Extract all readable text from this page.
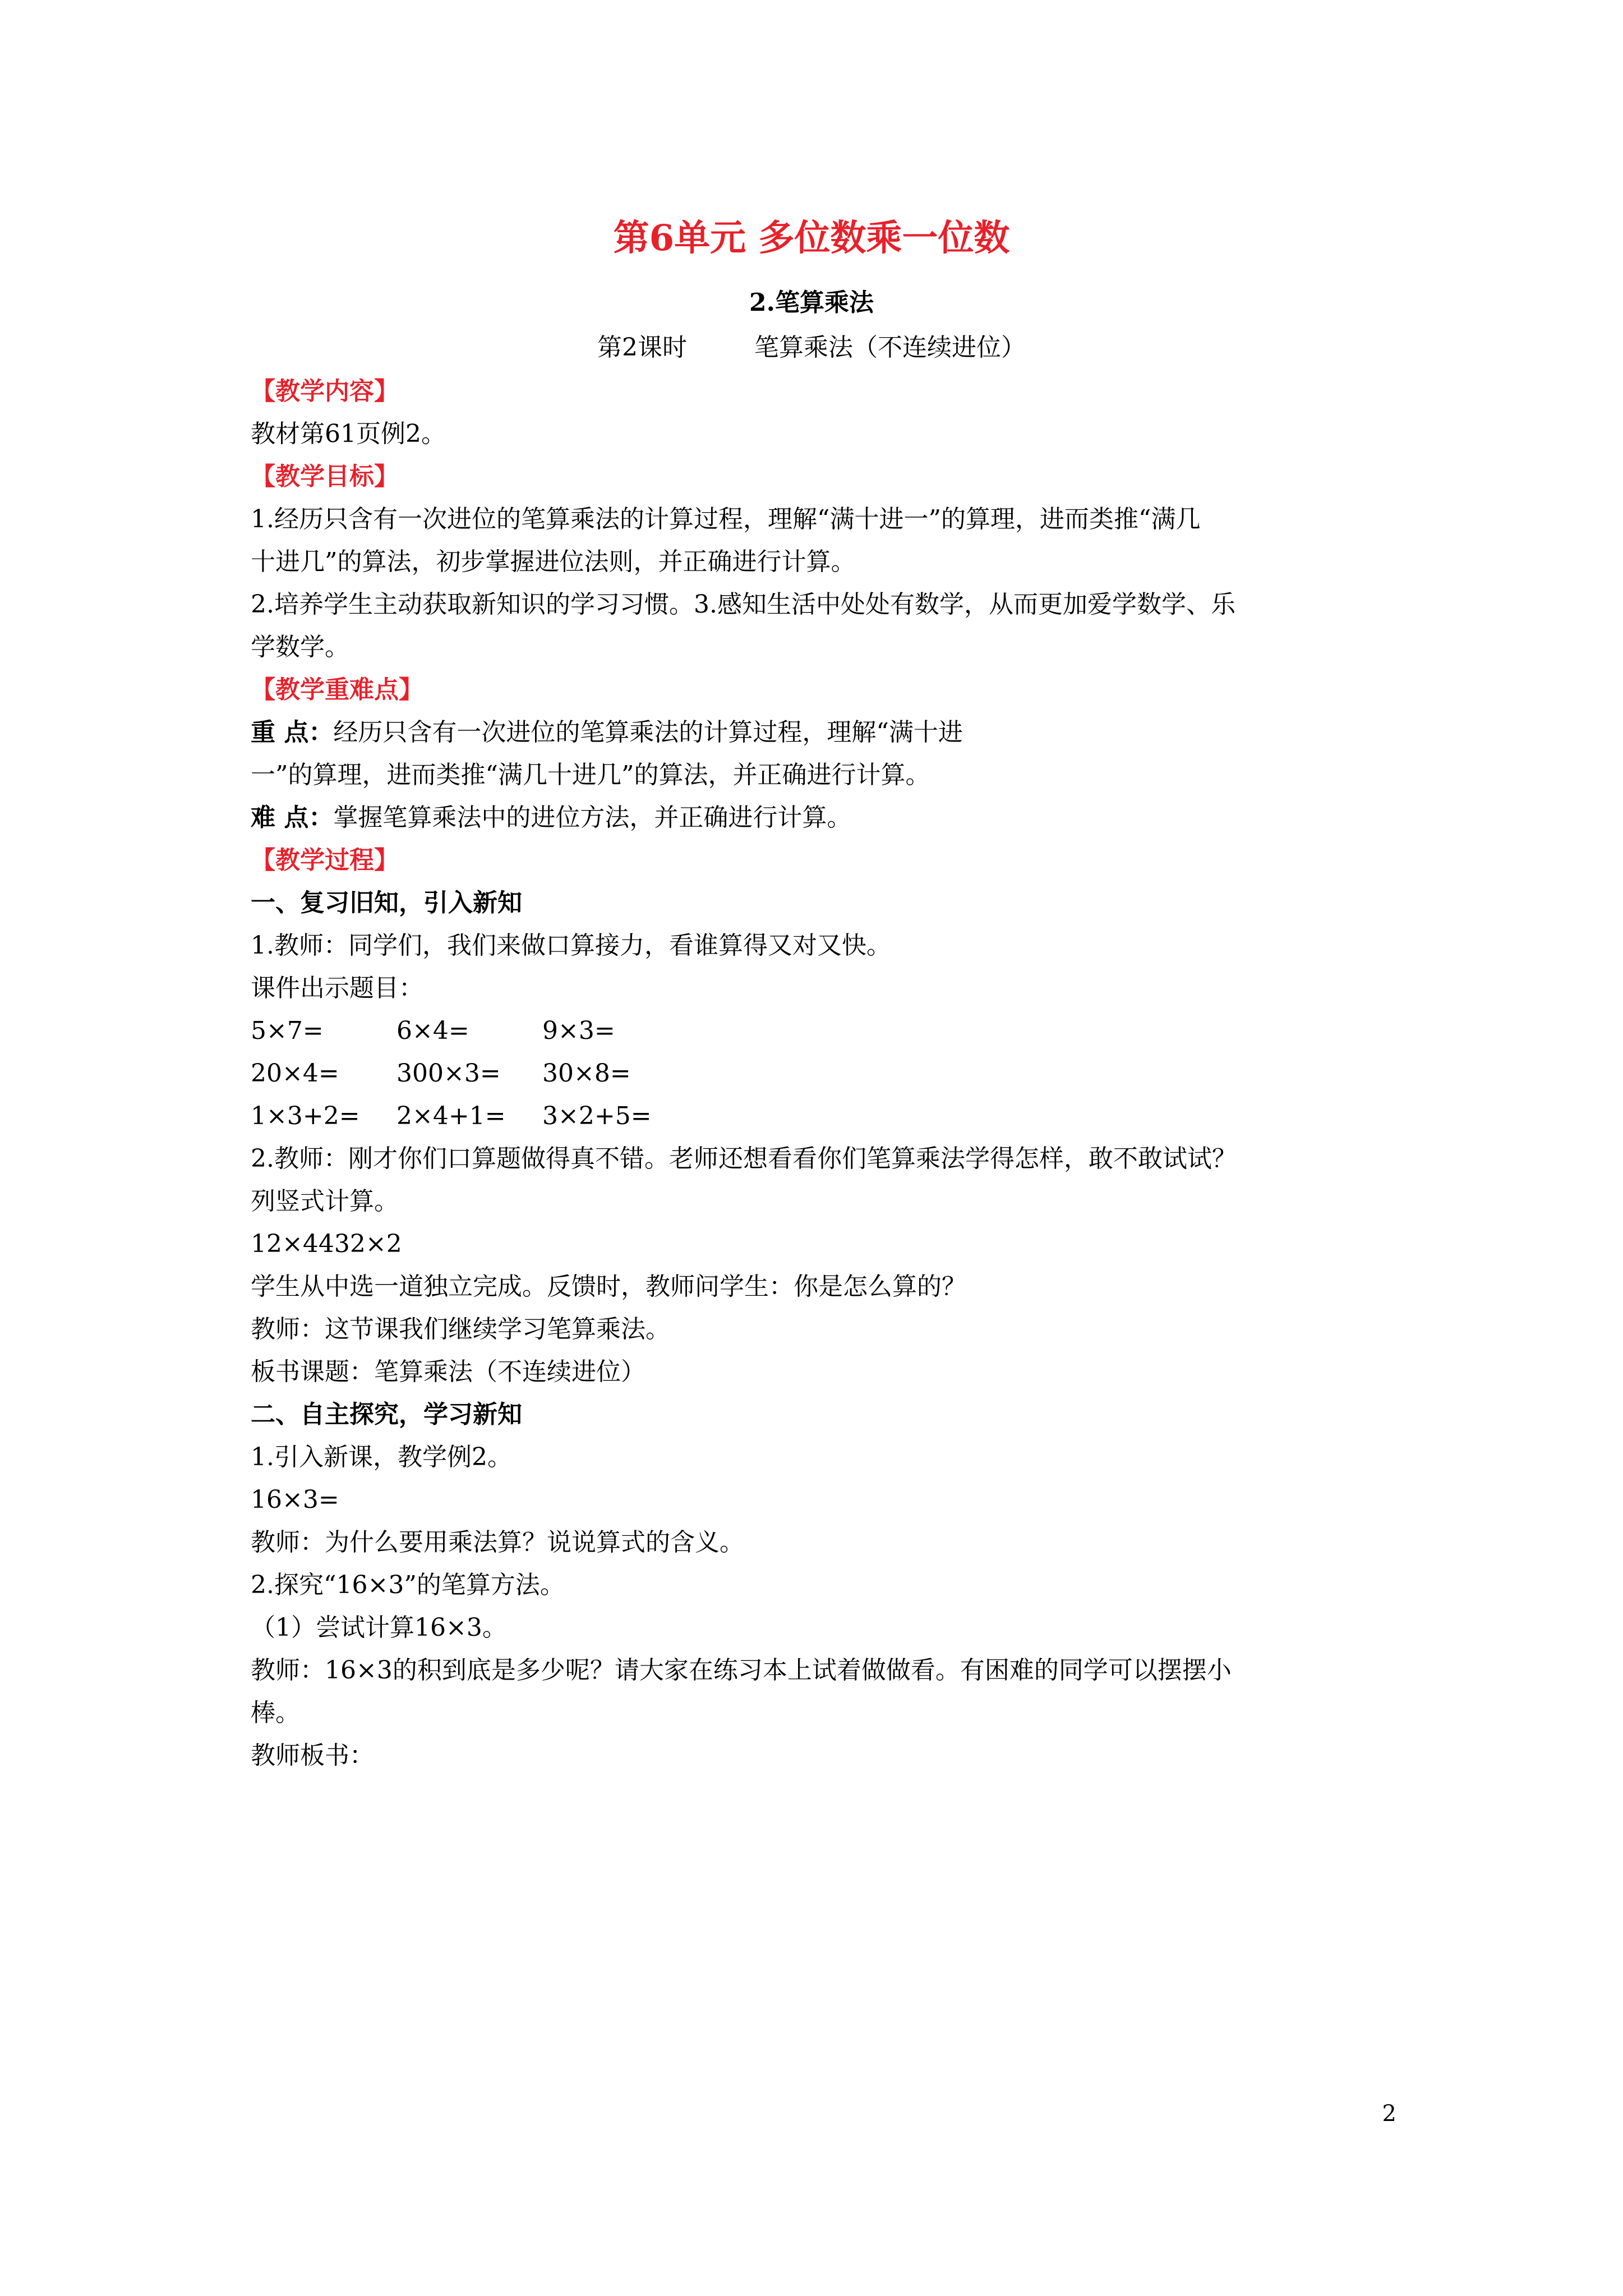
第6单元 多位数乘一位数
2.笔算乘法
第2课时	笔算乘法（不连续进位）
【教学内容】
教材第61页例2。
【教学目标】
1.经历只含有一次进位的笔算乘法的计算过程，理解“满十进一”的算理，进而类推“满几
十进几”的算法，初步掌握进位法则，并正确进行计算。
2.培养学生主动获取新知识的学习习惯。3.感知生活中处处有数学，从而更加爱学数学、乐
学数学。
【教学重难点】
重 点：经历只含有一次进位的笔算乘法的计算过程，理解“满十进
一”的算理，进而类推“满几十进几”的算法，并正确进行计算。
难 点：掌握笔算乘法中的进位方法，并正确进行计算。
【教学过程】
一、复习旧知，引入新知
1.教师：同学们，我们来做口算接力，看谁算得又对又快。
课件出示题目：
5×7=	6×4=	9×3=
20×4=	300×3=	30×8=
1×3+2=	2×4+1=	3×2+5=
2.教师：刚才你们口算题做得真不错。老师还想看看你们笔算乘法学得怎样，敢不敢试试？
列竖式计算。
12×4432×2
学生从中选一道独立完成。反馈时，教师问学生：你是怎么算的？
教师：这节课我们继续学习笔算乘法。
板书课题：笔算乘法（不连续进位）
二、自主探究，学习新知
1.引入新课，教学例2。
16×3=
教师：为什么要用乘法算？说说算式的含义。
2.探究“16×3”的笔算方法。
（1）尝试计算16×3。
教师：16×3的积到底是多少呢？请大家在练习本上试着做做看。有困难的同学可以摆摆小
棒。
教师板书：
2
